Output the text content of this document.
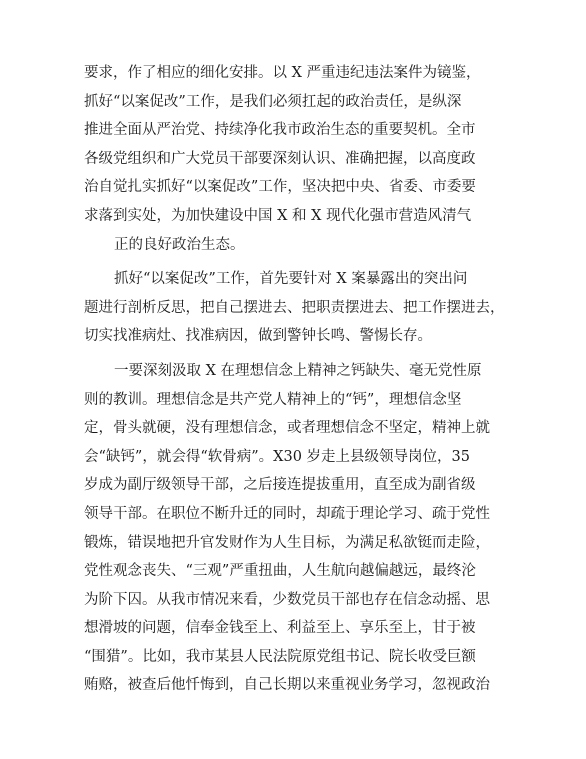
要求，作了相应的细化安排。以 X 严重违纪违法案件为镜鉴，
抓好“以案促改”工作，是我们必须扛起的政治责任，是纵深
推进全面从严治党、持续净化我市政治生态的重要契机。全市
各级党组织和广大党员干部要深刻认识、准确把握，以高度政
治自觉扎实抓好“以案促改”工作，坚决把中央、省委、市委要
求落到实处，为加快建设中国 X 和 X 现代化强市营造风清气
正的良好政治生态。

抓好“以案促改”工作，首先要针对 X 案暴露出的突出问
题进行剖析反思，把自己摆进去、把职责摆进去、把工作摆进去，
切实找准病灶、找准病因，做到警钟长鸣、警惕长存。

一要深刻汲取 X 在理想信念上精神之钙缺失、毫无党性原
则的教训。理想信念是共产党人精神上的“钙”，理想信念坚
定，骨头就硬，没有理想信念，或者理想信念不坚定，精神上就
会“缺钙”，就会得“软骨病”。X30 岁走上县级领导岗位，35
岁成为副厅级领导干部，之后接连提拔重用，直至成为副省级
领导干部。在职位不断升迁的同时，却疏于理论学习、疏于党性
锻炼，错误地把升官发财作为人生目标，为满足私欲铤而走险，
党性观念丧失、“三观”严重扭曲，人生航向越偏越远，最终沦
为阶下囚。从我市情况来看，少数党员干部也存在信念动摇、思
想滑坡的问题，信奉金钱至上、利益至上、享乐至上，甘于被
“围猎”。比如，我市某县人民法院原党组书记、院长收受巨额
贿赂，被查后他忏悔到，自己长期以来重视业务学习，忽视政治
